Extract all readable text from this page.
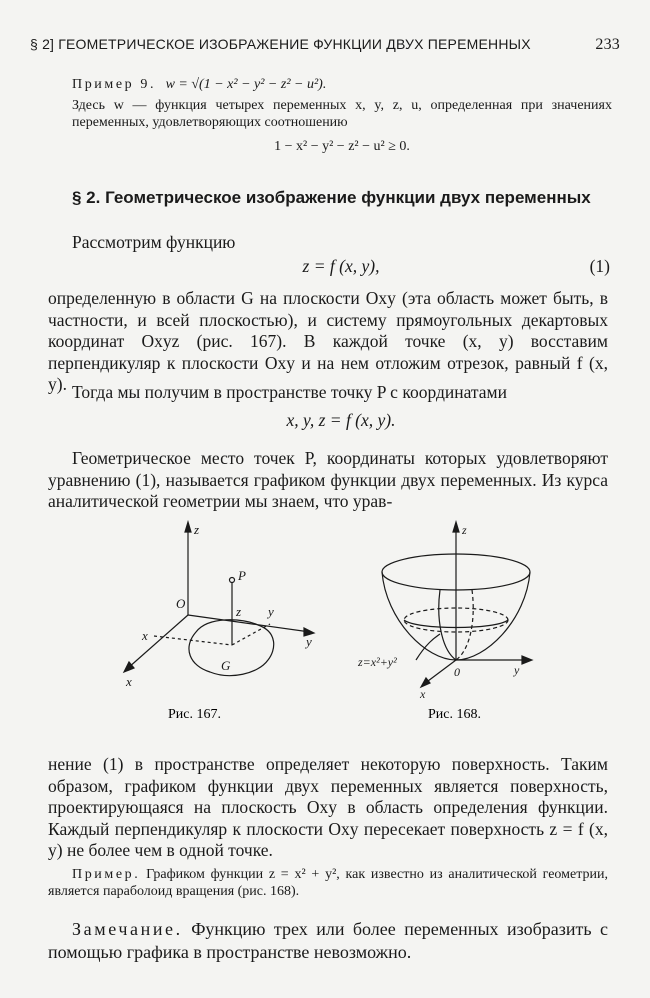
§ 2] ГЕОМЕТРИЧЕСКОЕ ИЗОБРАЖЕНИЕ ФУНКЦИИ ДВУХ ПЕРЕМЕННЫХ	233
Пример 9. w = √(1 − x² − y² − z² − u²).
Здесь w — функция четырех переменных x, y, z, u, определенная при значениях переменных, удовлетворяющих соотношению
1 − x² − y² − z² − u² ≥ 0.
§ 2. Геометрическое изображение функции двух переменных
Рассмотрим функцию
z = f (x, y),	(1)
определенную в области G на плоскости Oxy (эта область может быть, в частности, и всей плоскостью), и систему прямоугольных декартовых координат Oxyz (рис. 167). В каждой точке (x, y) восставим перпендикуляр к плоскости Oxy и на нем отложим отрезок, равный f (x, y). Тогда мы получим в пространстве точку P с координатами
x, y, z = f (x, y).
Геометрическое место точек P, координаты которых удовлетворяют уравнению (1), называется графиком функции двух переменных. Из курса аналитической геометрии мы знаем, что урав-
z
P
O
z y
y
x
x
G
Рис. 167.
z
z=x²+y²
0	y
x
Рис. 168.
нение (1) в пространстве определяет некоторую поверхность. Таким образом, графиком функции двух переменных является поверхность, проектирующаяся на плоскость Oxy в область определения функции. Каждый перпендикуляр к плоскости Oxy пересекает поверхность z = f (x, y) не более чем в одной точке.
Пример. Графиком функции z = x² + y², как известно из аналитической геометрии, является параболоид вращения (рис. 168).
Замечание. Функцию трех или более переменных изобразить с помощью графика в пространстве невозможно.
